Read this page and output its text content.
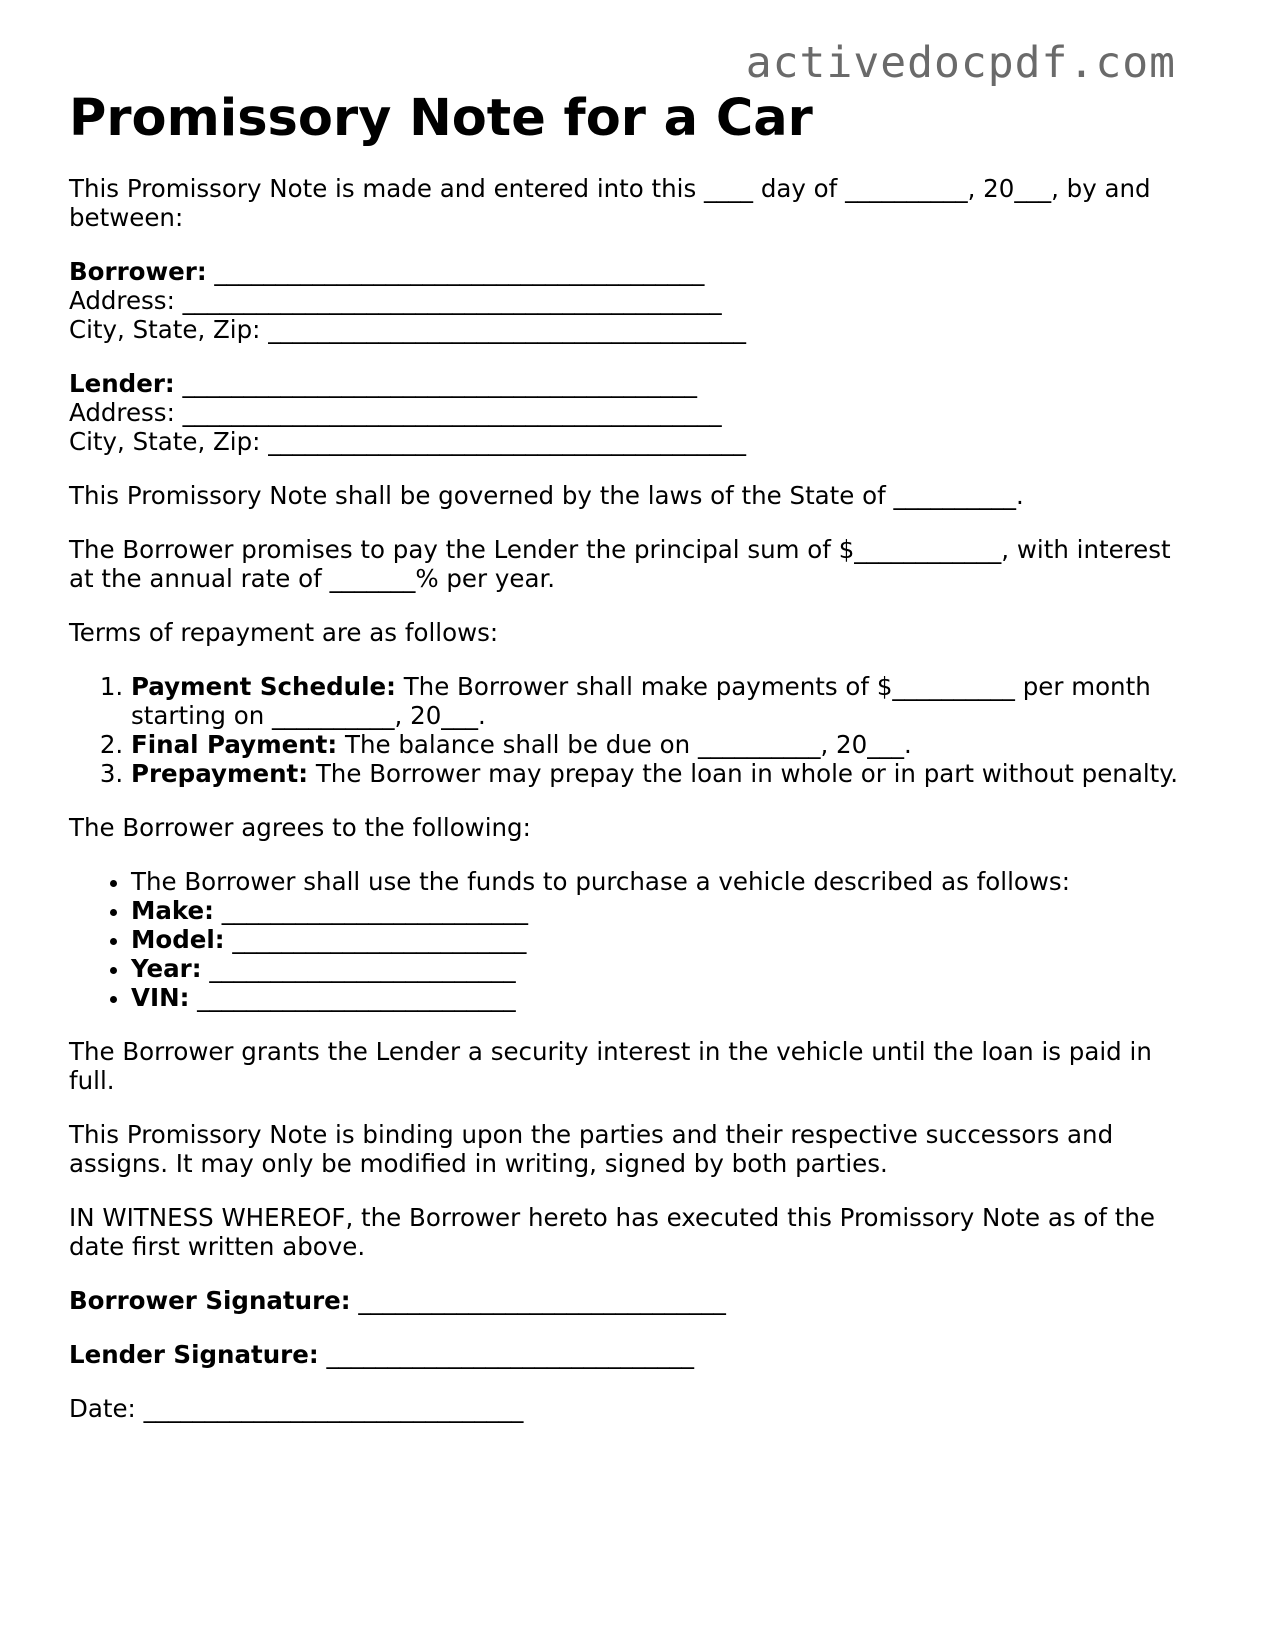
activedocpdf.com
Promissory Note for a Car

This Promissory Note is made and entered into this ____ day of __________, 20___, by and between:

Borrower: ________________________________________
Address: ____________________________________________
City, State, Zip: _______________________________________

Lender: __________________________________________
Address: ____________________________________________
City, State, Zip: _______________________________________

This Promissory Note shall be governed by the laws of the State of __________.

The Borrower promises to pay the Lender the principal sum of $____________, with interest at the annual rate of _______% per year.

Terms of repayment are as follows:

1. Payment Schedule: The Borrower shall make payments of $__________ per month starting on __________, 20___.
2. Final Payment: The balance shall be due on __________, 20___.
3. Prepayment: The Borrower may prepay the loan in whole or in part without penalty.

The Borrower agrees to the following:

• The Borrower shall use the funds to purchase a vehicle described as follows:
• Make: _________________________
• Model: ________________________
• Year: _________________________
• VIN: __________________________

The Borrower grants the Lender a security interest in the vehicle until the loan is paid in full.

This Promissory Note is binding upon the parties and their respective successors and assigns. It may only be modified in writing, signed by both parties.

IN WITNESS WHEREOF, the Borrower hereto has executed this Promissory Note as of the date first written above.

Borrower Signature: ______________________________

Lender Signature: ______________________________

Date: _______________________________
